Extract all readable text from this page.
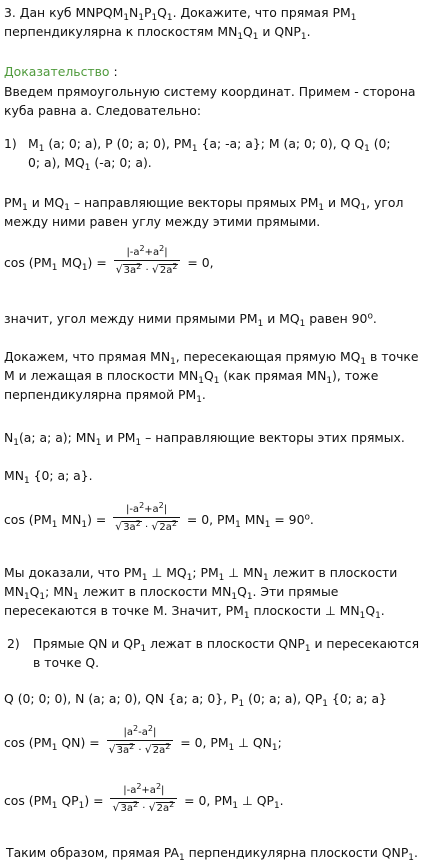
3. Дан куб $MNPQM_1N_1P_1Q_1$. Докажите, что прямая $PM_1$
перпендикулярна к плоскостям $MN_1Q_1$ и $QNP_1$.
Доказательство :
Введем прямоугольную систему координат. Примем - сторона
куба равна a. Следовательно:
1) $M_1$ (a; 0; a), P (0; a; 0), $PM_1$ {a; -a; a}; M (a; 0; 0), Q $Q_1$ (0;
0; a), $MQ_1$ (-a; 0; a).
$PM_1$ и $MQ_1$ – направляющие векторы прямых $PM_1$ и $MQ_1$, угол
между ними равен углу между этими прямыми.
$\cos (PM_1$ $MQ_1) = \frac{|-a^2+a^2|}{√3a^2 \cdot √2a^2} = 0$,
значит, угол между ними прямыми $PM_1$ и $MQ_1$ равен 90$^o$.
Докажем, что прямая $MN_1$, пересекающая прямую $MQ_1$ в точке
M и лежащая в плоскости $MN_1Q_1$ (как прямая $MN_1$), тоже
перпендикулярна прямой $PM_1$.
$N_1(a$; a; a); $MN_1$ и $PM_1$ – направляющие векторы этих прямых.
$MN_1$ {0; a; a}.
$\cos (PM_1$ $MN_1) = \frac{|-a^2+a^2|}{√3a^2 \cdot √2a^2} = 0$, $PM_1$ $MN_1 = 90^o$.
Мы доказали, что $PM_1$ ⊥ $MQ_1$; $PM_1$ ⊥ $MN_1$ лежит в плоскости
$MN_1Q_1$; $MN_1$ лежит в плоскости $MN_1Q_1$. Эти прямые
пересекаются в точке M. Значит, $PM_1$ плоскости ⊥ $MN_1Q_1$.
2) Прямые QN и $QP_1$ лежат в плоскости $QNP_1$ и пересекаются
в точке Q.
Q (0; 0; 0), N (a; a; 0), QN {a; a; 0}, $P_1$ (0; a; a), $QP_1$ {0; a; a}
$\cos (PM_1$ $QN) = \frac{|a^2-a^2|}{√3a^2 \cdot √2a^2} = 0$, $PM_1$ ⊥ $QN_1$;
$\cos (PM_1$ $QP_1) = \frac{|-a^2+a^2|}{√3a^2 \cdot √2a^2} = 0$, $PM_1$ ⊥ $QP_1$.
Таким образом, прямая $PA_1$ перпендикулярна плоскости $QNP_1$.
